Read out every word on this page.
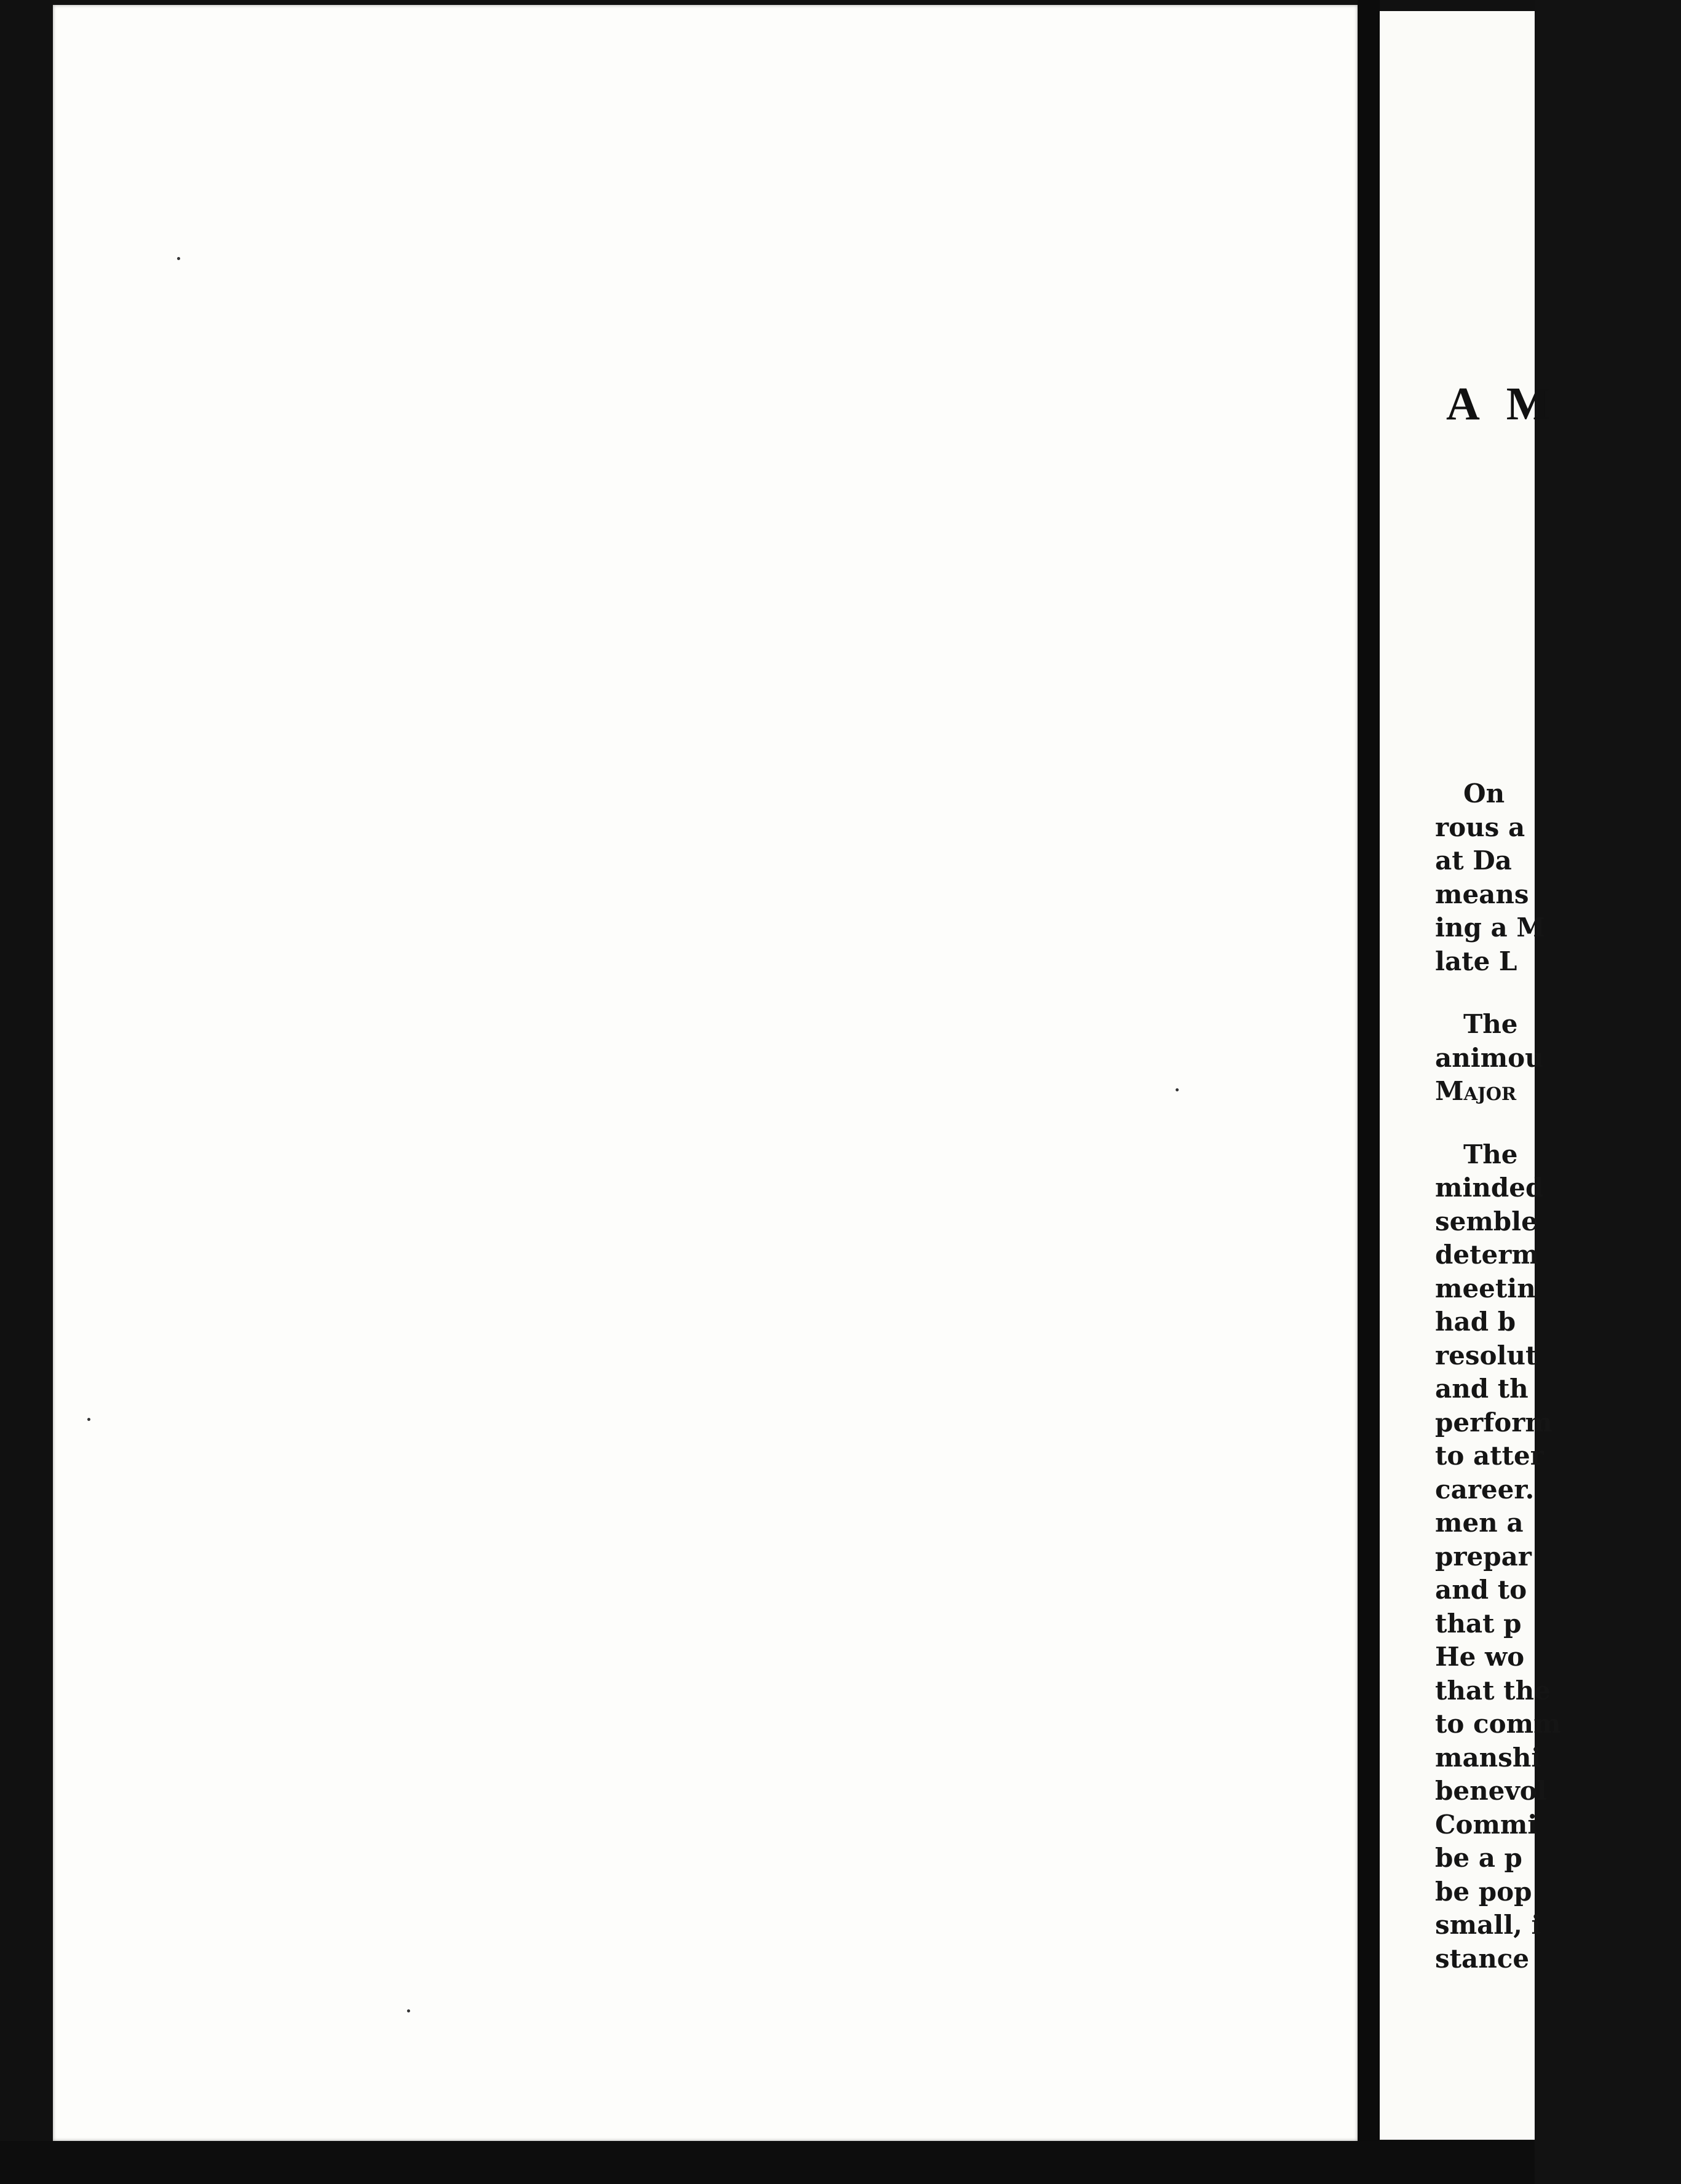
A M
On
rous a
at Da
means
ing a M
late L
The
animou
Major
The
minded
semble
determ
meetin
had b
resolut
and th
perform
to atter
career.
men a
prepar
and to
that p
He wo
that the
to comm
manshi
benevol
Commi
be a p
be pop
small, i
stance
